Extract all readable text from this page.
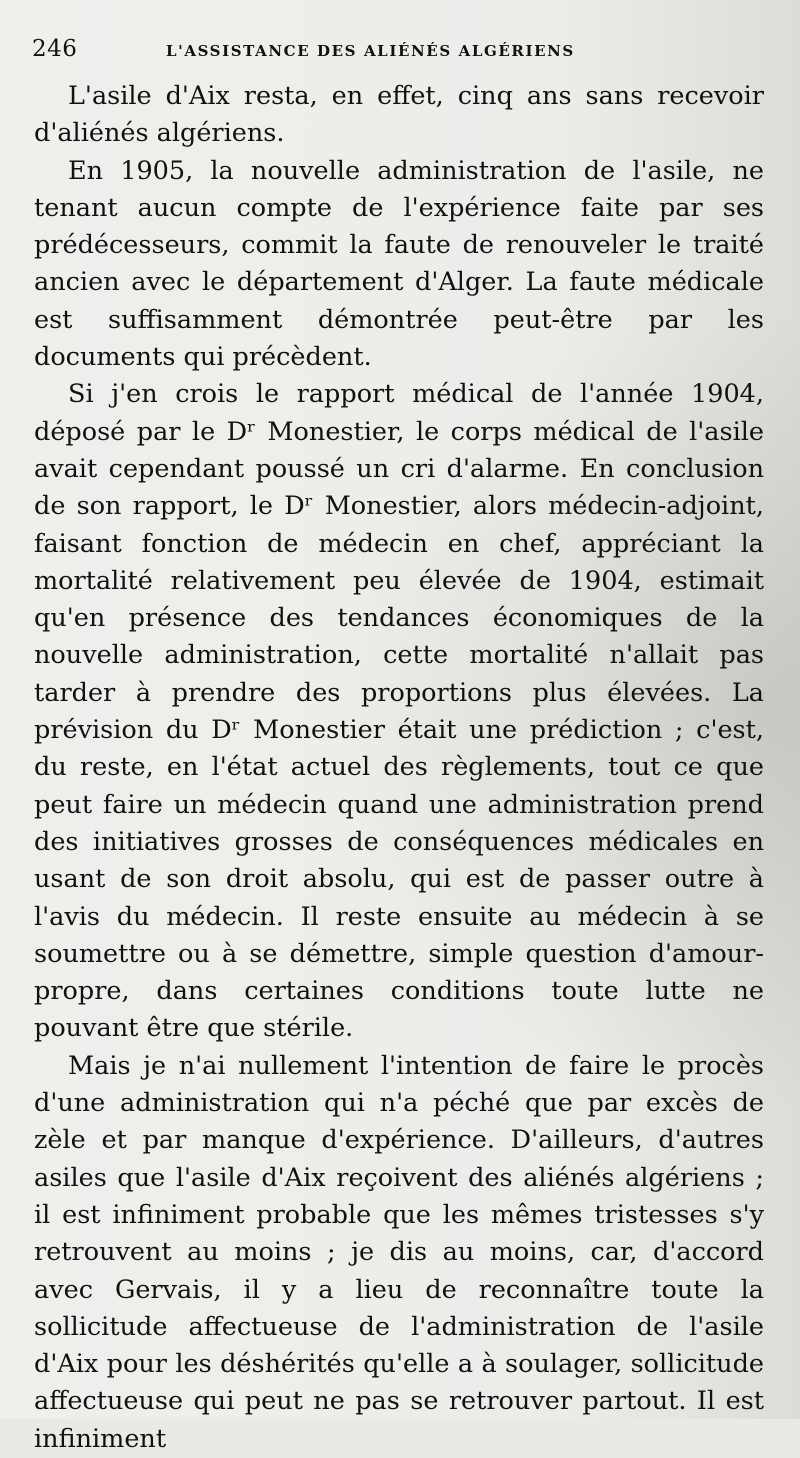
246	L'ASSISTANCE DES ALIÉNÉS ALGÉRIENS

L'asile d'Aix resta, en effet, cinq ans sans recevoir d'aliénés algériens.

En 1905, la nouvelle administration de l'asile, ne tenant aucun compte de l'expérience faite par ses prédécesseurs, commit la faute de renouveler le traité ancien avec le département d'Alger. La faute médicale est suffisamment démontrée peut-être par les documents qui précèdent.

Si j'en crois le rapport médical de l'année 1904, déposé par le Dʳ Monestier, le corps médical de l'asile avait cependant poussé un cri d'alarme. En conclusion de son rapport, le Dʳ Monestier, alors médecin-adjoint, faisant fonction de médecin en chef, appréciant la mortalité relativement peu élevée de 1904, estimait qu'en présence des tendances économiques de la nouvelle administration, cette mortalité n'allait pas tarder à prendre des proportions plus élevées. La prévision du Dʳ Monestier était une prédiction ; c'est, du reste, en l'état actuel des règlements, tout ce que peut faire un médecin quand une administration prend des initiatives grosses de conséquences médicales en usant de son droit absolu, qui est de passer outre à l'avis du médecin. Il reste ensuite au médecin à se soumettre ou à se démettre, simple question d'amour-propre, dans certaines conditions toute lutte ne pouvant être que stérile.

Mais je n'ai nullement l'intention de faire le procès d'une administration qui n'a péché que par excès de zèle et par manque d'expérience. D'ailleurs, d'autres asiles que l'asile d'Aix reçoivent des aliénés algériens ; il est infiniment probable que les mêmes tristesses s'y retrouvent au moins ; je dis au moins, car, d'accord avec Gervais, il y a lieu de reconnaître toute la sollicitude affectueuse de l'administration de l'asile d'Aix pour les déshérités qu'elle a à soulager, sollicitude affectueuse qui peut ne pas se retrouver partout. Il est infiniment
